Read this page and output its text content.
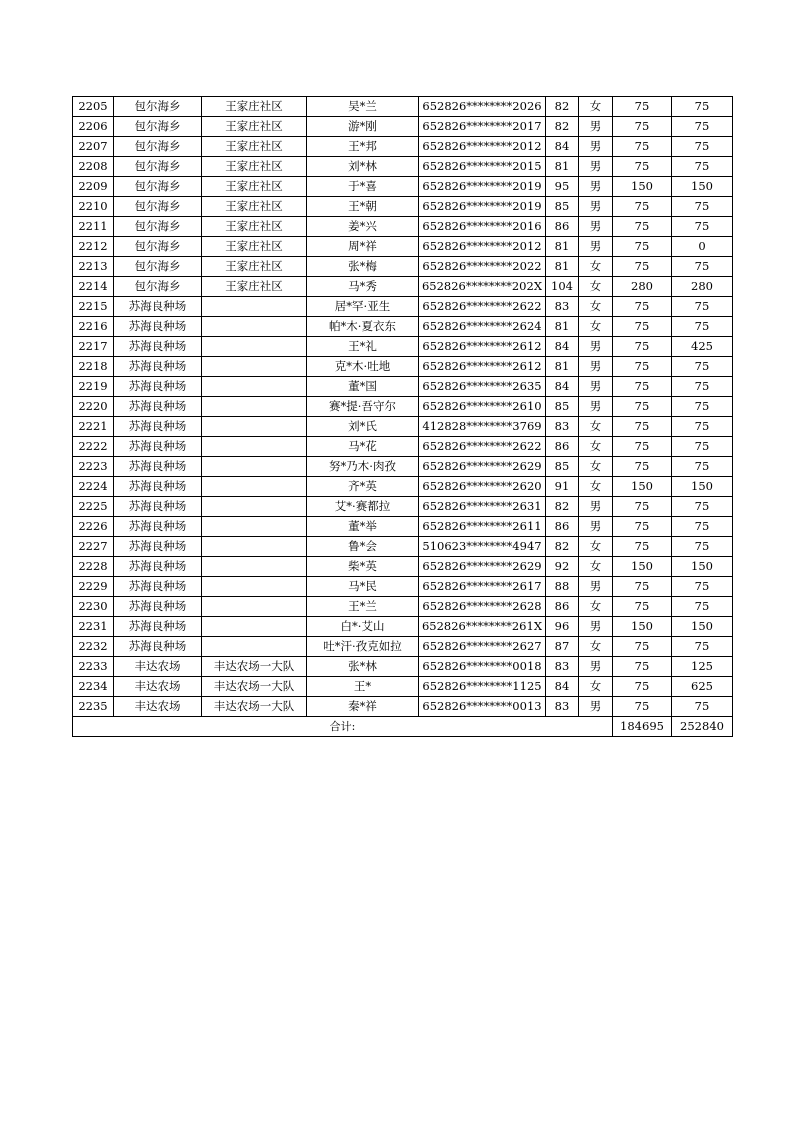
2205	包尔海乡	王家庄社区	吴*兰	652826********2026	82	女	75	75
2206	包尔海乡	王家庄社区	游*刚	652826********2017	82	男	75	75
2207	包尔海乡	王家庄社区	王*邦	652826********2012	84	男	75	75
2208	包尔海乡	王家庄社区	刘*林	652826********2015	81	男	75	75
2209	包尔海乡	王家庄社区	于*喜	652826********2019	95	男	150	150
2210	包尔海乡	王家庄社区	王*朝	652826********2019	85	男	75	75
2211	包尔海乡	王家庄社区	姜*兴	652826********2016	86	男	75	75
2212	包尔海乡	王家庄社区	周*祥	652826********2012	81	男	75	0
2213	包尔海乡	王家庄社区	张*梅	652826********2022	81	女	75	75
2214	包尔海乡	王家庄社区	马*秀	652826********202X	104	女	280	280
2215	苏海良种场		居*罕·亚生	652826********2622	83	女	75	75
2216	苏海良种场		帕*木·夏衣东	652826********2624	81	女	75	75
2217	苏海良种场		王*礼	652826********2612	84	男	75	425
2218	苏海良种场		克*木·吐地	652826********2612	81	男	75	75
2219	苏海良种场		董*国	652826********2635	84	男	75	75
2220	苏海良种场		赛*提·吾守尔	652826********2610	85	男	75	75
2221	苏海良种场		刘*氏	412828********3769	83	女	75	75
2222	苏海良种场		马*花	652826********2622	86	女	75	75
2223	苏海良种场		努*乃木·肉孜	652826********2629	85	女	75	75
2224	苏海良种场		齐*英	652826********2620	91	女	150	150
2225	苏海良种场		艾*·赛都拉	652826********2631	82	男	75	75
2226	苏海良种场		董*举	652826********2611	86	男	75	75
2227	苏海良种场		鲁*会	510623********4947	82	女	75	75
2228	苏海良种场		柴*英	652826********2629	92	女	150	150
2229	苏海良种场		马*民	652826********2617	88	男	75	75
2230	苏海良种场		王*兰	652826********2628	86	女	75	75
2231	苏海良种场		白*·艾山	652826********261X	96	男	150	150
2232	苏海良种场		吐*汗·孜克如拉	652826********2627	87	女	75	75
2233	丰达农场	丰达农场一大队	张*林	652826********0018	83	男	75	125
2234	丰达农场	丰达农场一大队	王*	652826********1125	84	女	75	625
2235	丰达农场	丰达农场一大队	秦*祥	652826********0013	83	男	75	75
合计:							184695	252840
